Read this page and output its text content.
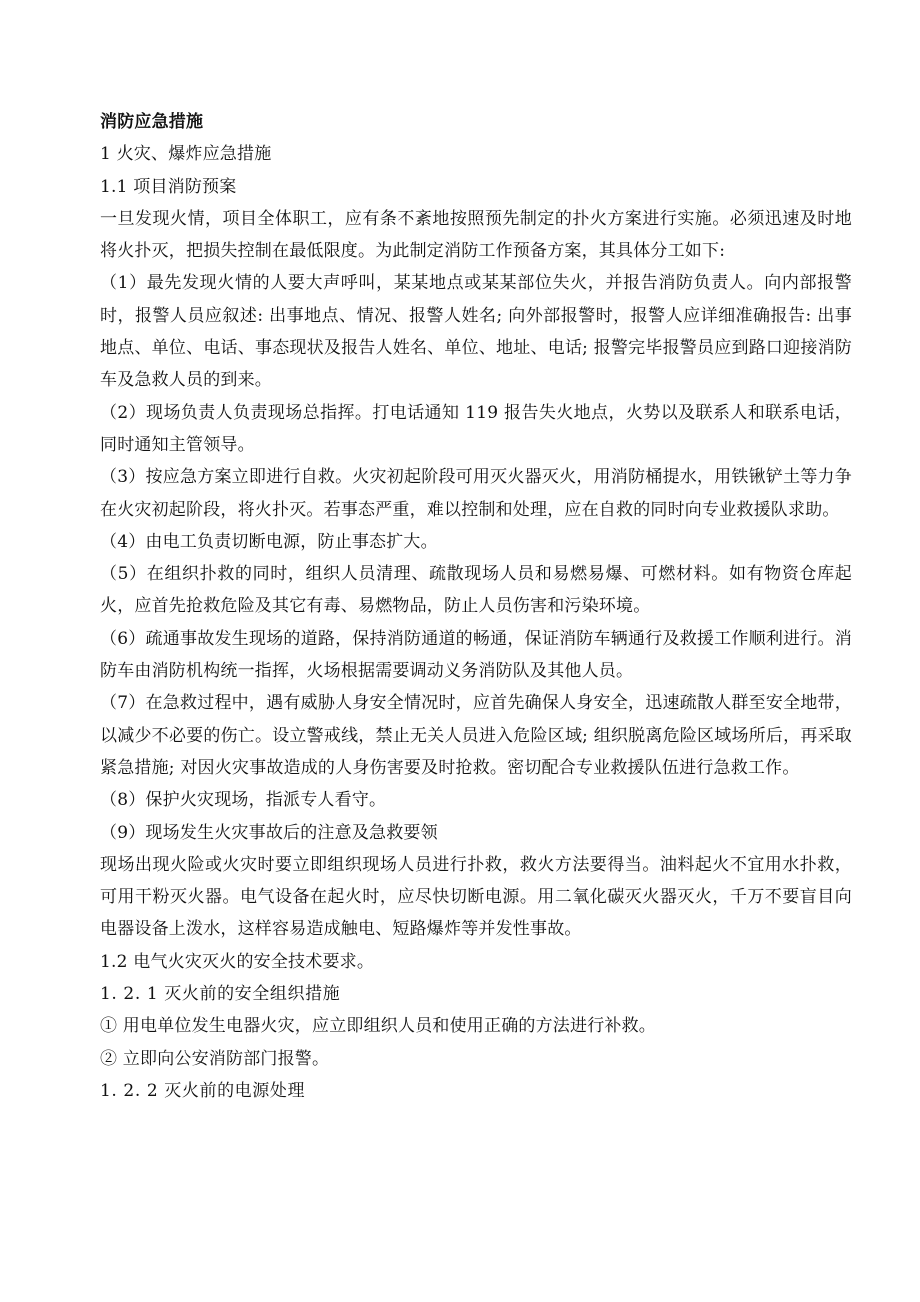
消防应急措施

1 火灾、爆炸应急措施

1.1 项目消防预案

一旦发现火情，项目全体职工，应有条不紊地按照预先制定的扑火方案进行实施。必须迅速及时地将火扑灭，把损失控制在最低限度。为此制定消防工作预备方案，其具体分工如下:

（1）最先发现火情的人要大声呼叫，某某地点或某某部位失火，并报告消防负责人。向内部报警时，报警人员应叙述: 出事地点、情况、报警人姓名; 向外部报警时，报警人应详细准确报告: 出事地点、单位、电话、事态现状及报告人姓名、单位、地址、电话; 报警完毕报警员应到路口迎接消防车及急救人员的到来。

（2）现场负责人负责现场总指挥。打电话通知 119 报告失火地点，火势以及联系人和联系电话，同时通知主管领导。

（3）按应急方案立即进行自救。火灾初起阶段可用灭火器灭火，用消防桶提水，用铁锹铲土等力争在火灾初起阶段，将火扑灭。若事态严重，难以控制和处理，应在自救的同时向专业救援队求助。

（4）由电工负责切断电源，防止事态扩大。

（5）在组织扑救的同时，组织人员清理、疏散现场人员和易燃易爆、可燃材料。如有物资仓库起火，应首先抢救危险及其它有毒、易燃物品，防止人员伤害和污染环境。

（6）疏通事故发生现场的道路，保持消防通道的畅通，保证消防车辆通行及救援工作顺利进行。消防车由消防机构统一指挥，火场根据需要调动义务消防队及其他人员。

（7）在急救过程中，遇有威胁人身安全情况时，应首先确保人身安全，迅速疏散人群至安全地带，以减少不必要的伤亡。设立警戒线，禁止无关人员进入危险区域; 组织脱离危险区域场所后，再采取紧急措施; 对因火灾事故造成的人身伤害要及时抢救。密切配合专业救援队伍进行急救工作。

（8）保护火灾现场，指派专人看守。

（9）现场发生火灾事故后的注意及急救要领

现场出现火险或火灾时要立即组织现场人员进行扑救，救火方法要得当。油料起火不宜用水扑救，可用干粉灭火器。电气设备在起火时，应尽快切断电源。用二氧化碳灭火器灭火，千万不要盲目向电器设备上泼水，这样容易造成触电、短路爆炸等并发性事故。

1.2 电气火灾灭火的安全技术要求。

1. 2. 1 灭火前的安全组织措施

① 用电单位发生电器火灾，应立即组织人员和使用正确的方法进行补救。

② 立即向公安消防部门报警。

1. 2. 2 灭火前的电源处理
